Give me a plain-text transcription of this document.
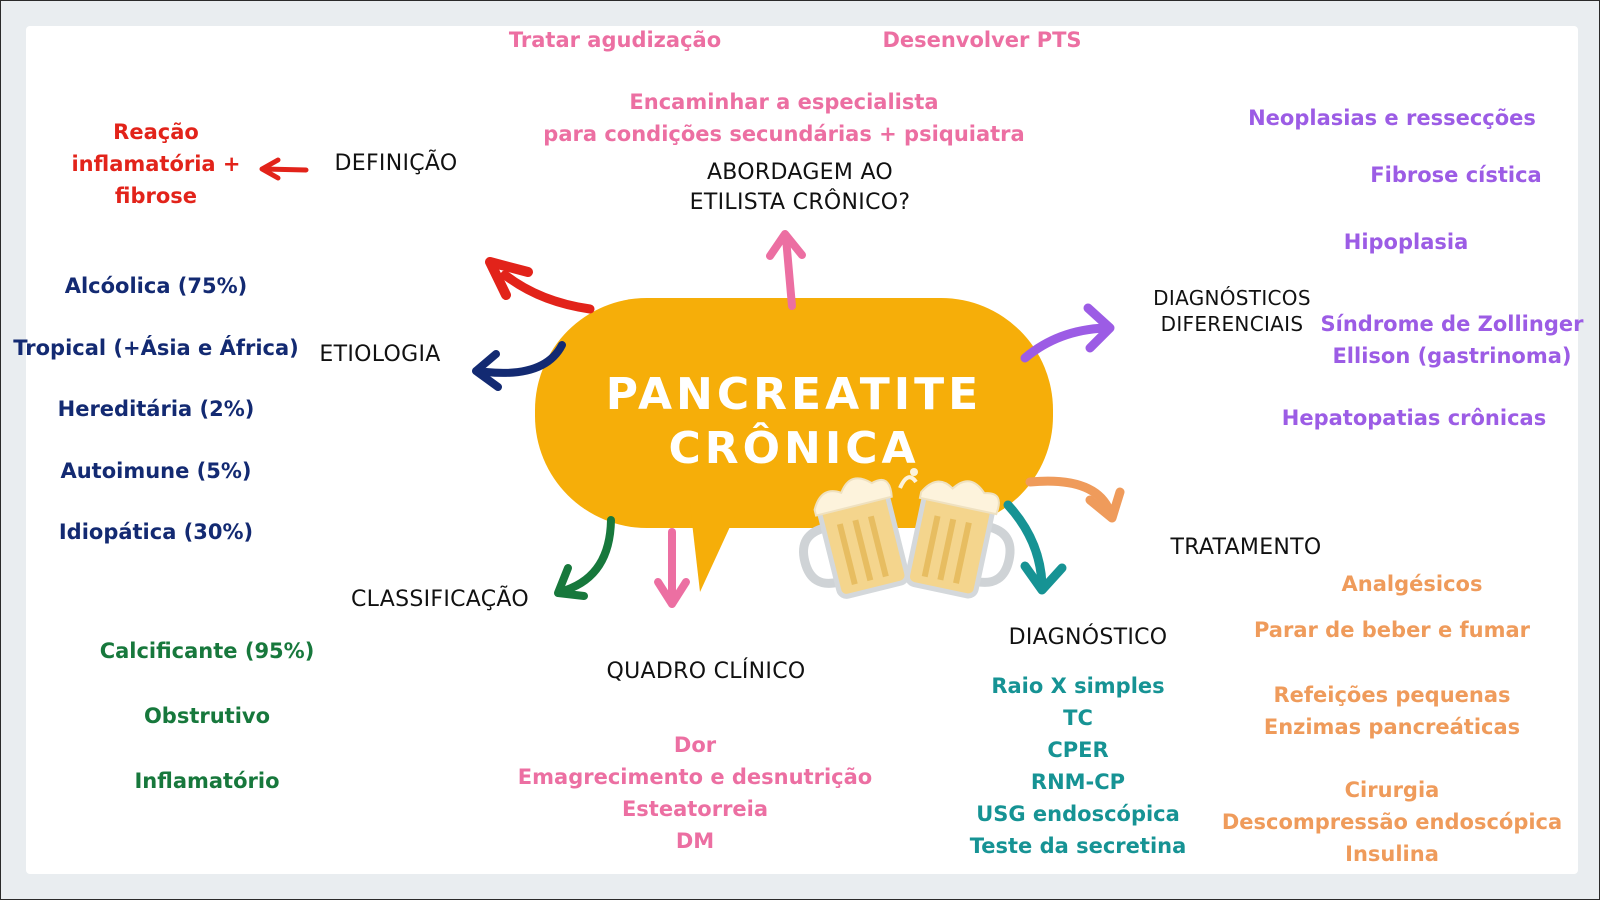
PANCREATITE
CRÔNICA
DEFINIÇÃO
Reação
inflamatória +
fibrose
ETIOLOGIA
Alcóolica (75%)
Tropical (+Ásia e África)
Hereditária (2%)
Autoimune (5%)
Idiopática (30%)
CLASSIFICAÇÃO
Calcificante (95%)
Obstrutivo
Inflamatório
QUADRO CLÍNICO
Dor
Emagrecimento e desnutrição
Esteatorreia
DM
Tratar agudização	Desenvolver PTS
Encaminhar a especialista
para condições secundárias + psiquiatra
ABORDAGEM AO
ETILISTA CRÔNICO?
DIAGNÓSTICO
Raio X simples
TC
CPER
RNM-CP
USG endoscópica
Teste da secretina
DIAGNÓSTICOS
DIFERENCIAIS
Neoplasias e ressecções
Fibrose cística
Hipoplasia
Síndrome de Zollinger
Ellison (gastrinoma)
Hepatopatias crônicas
TRATAMENTO
Analgésicos
Parar de beber e fumar
Refeições pequenas
Enzimas pancreáticas
Cirurgia
Descompressão endoscópica
Insulina
